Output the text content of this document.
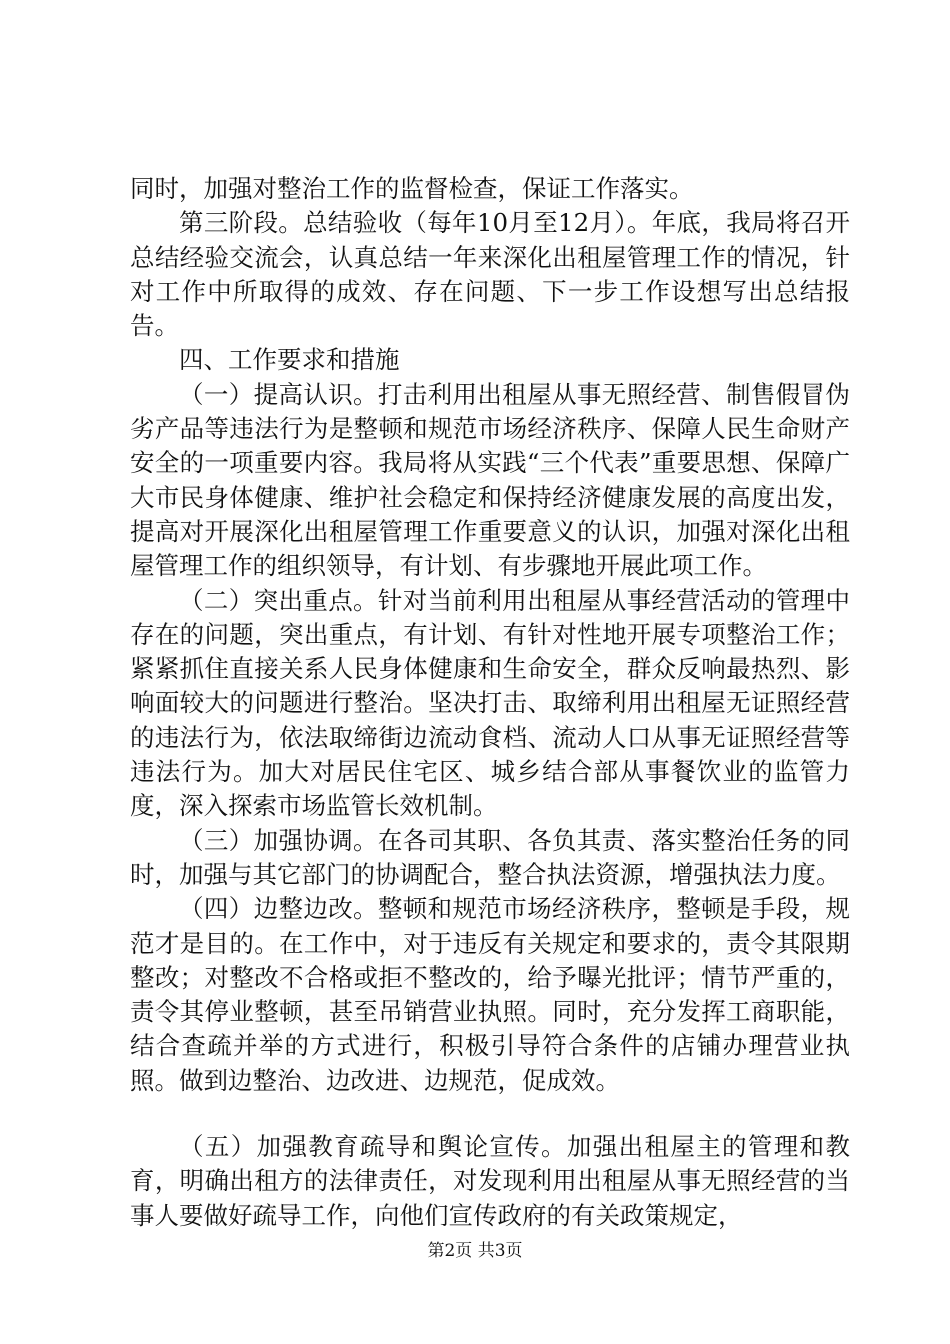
同时，加强对整治工作的监督检查，保证工作落实。

第三阶段。总结验收（每年10月至12月）。年底，我局将召开总结经验交流会，认真总结一年来深化出租屋管理工作的情况，针对工作中所取得的成效、存在问题、下一步工作设想写出总结报告。

四、工作要求和措施

（一）提高认识。打击利用出租屋从事无照经营、制售假冒伪劣产品等违法行为是整顿和规范市场经济秩序、保障人民生命财产安全的一项重要内容。我局将从实践“三个代表”重要思想、保障广大市民身体健康、维护社会稳定和保持经济健康发展的高度出发，提高对开展深化出租屋管理工作重要意义的认识，加强对深化出租屋管理工作的组织领导，有计划、有步骤地开展此项工作。

（二）突出重点。针对当前利用出租屋从事经营活动的管理中存在的问题，突出重点，有计划、有针对性地开展专项整治工作；紧紧抓住直接关系人民身体健康和生命安全，群众反响最热烈、影响面较大的问题进行整治。坚决打击、取缔利用出租屋无证照经营的违法行为，依法取缔街边流动食档、流动人口从事无证照经营等违法行为。加大对居民住宅区、城乡结合部从事餐饮业的监管力度，深入探索市场监管长效机制。

（三）加强协调。在各司其职、各负其责、落实整治任务的同时，加强与其它部门的协调配合，整合执法资源，增强执法力度。

（四）边整边改。整顿和规范市场经济秩序，整顿是手段，规范才是目的。在工作中，对于违反有关规定和要求的，责令其限期整改；对整改不合格或拒不整改的，给予曝光批评；情节严重的，责令其停业整顿，甚至吊销营业执照。同时，充分发挥工商职能，结合查疏并举的方式进行，积极引导符合条件的店铺办理营业执照。做到边整治、边改进、边规范，促成效。

（五）加强教育疏导和舆论宣传。加强出租屋主的管理和教育，明确出租方的法律责任，对发现利用出租屋从事无照经营的当事人要做好疏导工作，向他们宣传政府的有关政策规定，

第2页 共3页
